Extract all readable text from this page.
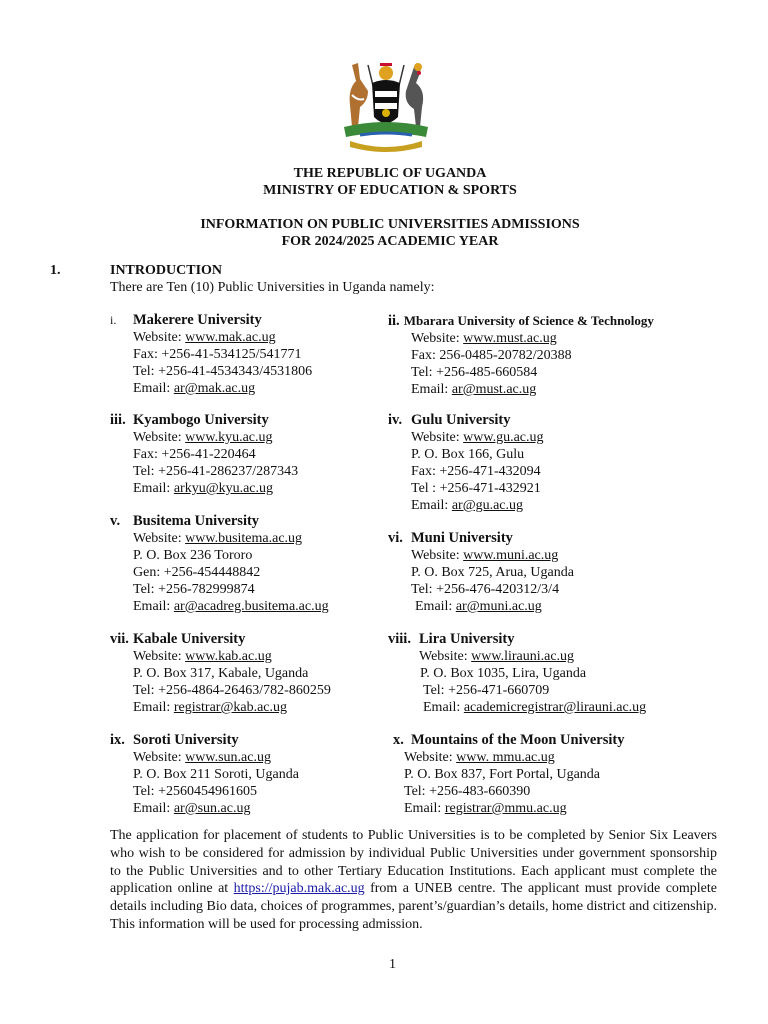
THE REPUBLIC OF UGANDA
MINISTRY OF EDUCATION & SPORTS
INFORMATION ON PUBLIC UNIVERSITIES ADMISSIONS
FOR 2024/2025 ACADEMIC YEAR
1.	INTRODUCTION
There are Ten (10) Public Universities in Uganda namely:
i. Makerere University
Website: www.mak.ac.ug
Fax: +256-41-534125/541771
Tel: +256-41-4534343/4531806
Email: ar@mak.ac.ug
ii. Mbarara University of Science & Technology
Website: www.must.ac.ug
Fax: 256-0485-20782/20388
Tel: +256-485-660584
Email: ar@must.ac.ug
iii. Kyambogo University
Website: www.kyu.ac.ug
Fax: +256-41-220464
Tel: +256-41-286237/287343
Email: arkyu@kyu.ac.ug
iv. Gulu University
Website: www.gu.ac.ug
P. O. Box 166, Gulu
Fax: +256-471-432094
Tel : +256-471-432921
Email: ar@gu.ac.ug
v. Busitema University
Website: www.busitema.ac.ug
P. O. Box 236 Tororo
Gen: +256-454448842
Tel: +256-782999874
Email: ar@acadreg.busitema.ac.ug
vi. Muni University
Website: www.muni.ac.ug
P. O. Box 725, Arua, Uganda
Tel: +256-476-420312/3/4
Email: ar@muni.ac.ug
vii. Kabale University
Website: www.kab.ac.ug
P. O. Box 317, Kabale, Uganda
Tel: +256-4864-26463/782-860259
Email: registrar@kab.ac.ug
viii. Lira University
Website: www.lirauni.ac.ug
P. O. Box 1035, Lira, Uganda
Tel: +256-471-660709
Email: academicregistrar@lirauni.ac.ug
ix. Soroti University
Website: www.sun.ac.ug
P. O. Box 211 Soroti, Uganda
Tel: +2560454961605
Email: ar@sun.ac.ug
x. Mountains of the Moon University
Website: www. mmu.ac.ug
P. O. Box 837, Fort Portal, Uganda
Tel: +256-483-660390
Email: registrar@mmu.ac.ug
The application for placement of students to Public Universities is to be completed by Senior Six Leavers who wish to be considered for admission by individual Public Universities under government sponsorship to the Public Universities and to other Tertiary Education Institutions. Each applicant must complete the application online at https://pujab.mak.ac.ug from a UNEB centre. The applicant must provide complete details including Bio data, choices of programmes, parent’s/guardian’s details, home district and citizenship. This information will be used for processing admission.
1
